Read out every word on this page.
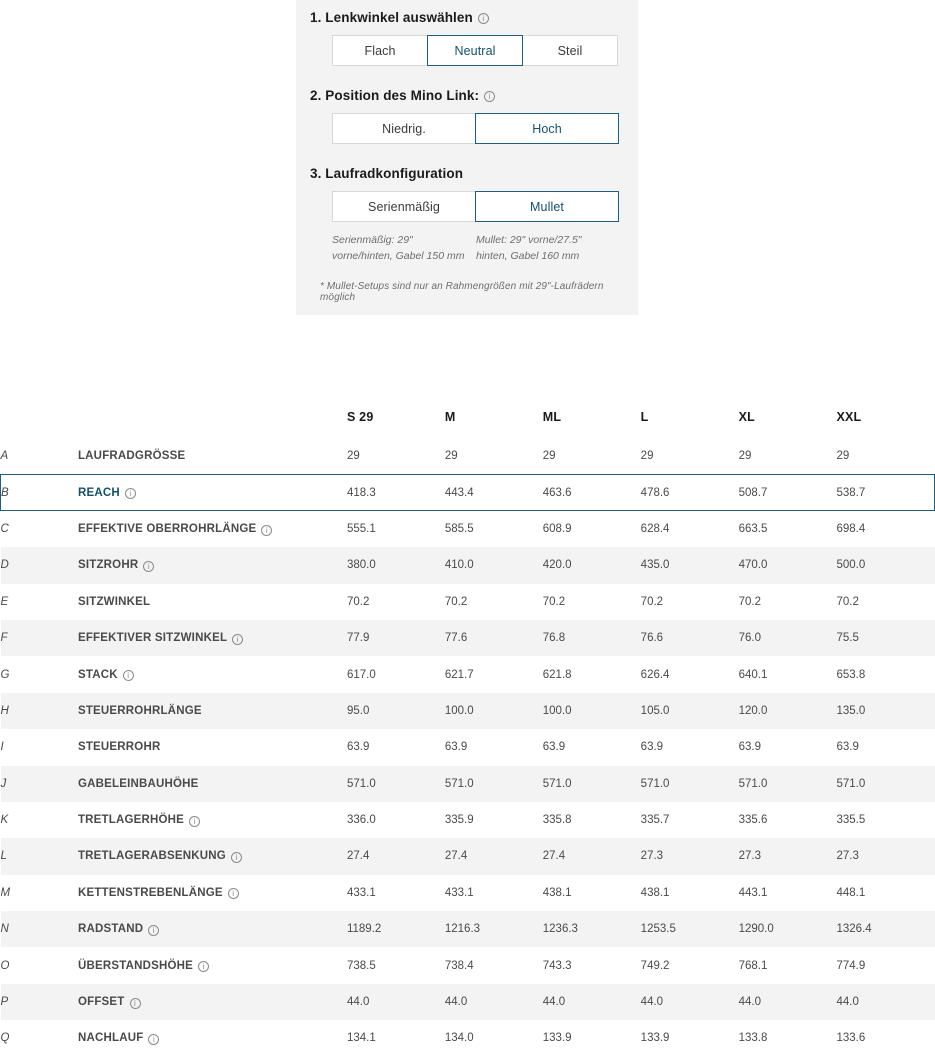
1. Lenkwinkel auswählen	i
Flach	Neutral	Steil
2. Position des Mino Link:	i
Niedrig.	Hoch
3. Laufradkonfiguration
Serienmäßig	Mullet
Serienmäßig: 29" vorne/hinten, Gabel 150 mm
Mullet: 29" vorne/27.5" hinten, Gabel 160 mm
* Mullet-Setups sind nur an Rahmengrößen mit 29"-Laufrädern möglich
			S 29	M	ML	L	XL	XXL
A		LAUFRADGRÖSSE	29	29	29	29	29	29
B		REACH i	418.3	443.4	463.6	478.6	508.7	538.7
C		EFFEKTIVE OBERROHRLÄNGE i	555.1	585.5	608.9	628.4	663.5	698.4
D		SITZROHR i	380.0	410.0	420.0	435.0	470.0	500.0
E		SITZWINKEL	70.2	70.2	70.2	70.2	70.2	70.2
F		EFFEKTIVER SITZWINKEL i	77.9	77.6	76.8	76.6	76.0	75.5
G		STACK i	617.0	621.7	621.8	626.4	640.1	653.8
H		STEUERROHRLÄNGE	95.0	100.0	100.0	105.0	120.0	135.0
I		STEUERROHR	63.9	63.9	63.9	63.9	63.9	63.9
J		GABELEINBAUHÖHE	571.0	571.0	571.0	571.0	571.0	571.0
K		TRETLAGERHÖHE i	336.0	335.9	335.8	335.7	335.6	335.5
L		TRETLAGERABSENKUNG i	27.4	27.4	27.4	27.3	27.3	27.3
M		KETTENSTREBENLÄNGE i	433.1	433.1	438.1	438.1	443.1	448.1
N		RADSTAND i	1189.2	1216.3	1236.3	1253.5	1290.0	1326.4
O		ÜBERSTANDSHÖHE i	738.5	738.4	743.3	749.2	768.1	774.9
P		OFFSET i	44.0	44.0	44.0	44.0	44.0	44.0
Q		NACHLAUF i	134.1	134.0	133.9	133.9	133.8	133.6
